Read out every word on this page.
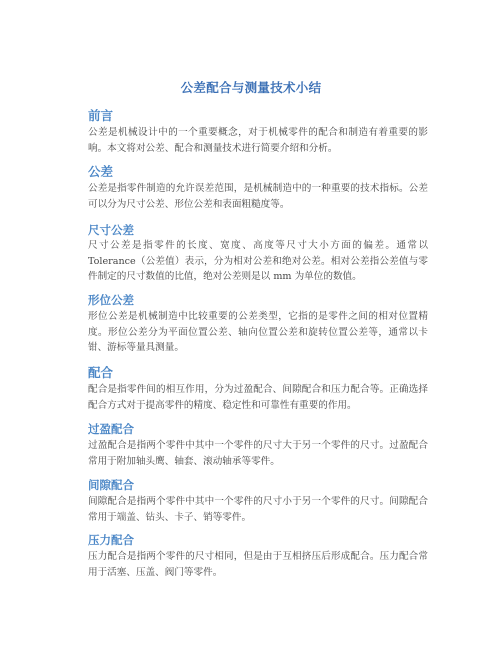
公差配合与测量技术小结
前言
公差是机械设计中的一个重要概念，对于机械零件的配合和制造有着重要的影响。本文将对公差、配合和测量技术进行简要介绍和分析。
公差
公差是指零件制造的允许误差范围，是机械制造中的一种重要的技术指标。公差可以分为尺寸公差、形位公差和表面粗糙度等。
尺寸公差
尺寸公差是指零件的长度、宽度、高度等尺寸大小方面的偏差。通常以Tolerance（公差值）表示，分为相对公差和绝对公差。相对公差指公差值与零件制定的尺寸数值的比值，绝对公差则是以 mm 为单位的数值。
形位公差
形位公差是机械制造中比较重要的公差类型，它指的是零件之间的相对位置精度。形位公差分为平面位置公差、轴向位置公差和旋转位置公差等，通常以卡钳、游标等量具测量。
配合
配合是指零件间的相互作用，分为过盈配合、间隙配合和压力配合等。正确选择配合方式对于提高零件的精度、稳定性和可靠性有重要的作用。
过盈配合
过盈配合是指两个零件中其中一个零件的尺寸大于另一个零件的尺寸。过盈配合常用于附加轴头鹰、轴套、滚动轴承等零件。
间隙配合
间隙配合是指两个零件中其中一个零件的尺寸小于另一个零件的尺寸。间隙配合常用于端盖、钻头、卡子、销等零件。
压力配合
压力配合是指两个零件的尺寸相同，但是由于互相挤压后形成配合。压力配合常用于活塞、压盖、阀门等零件。
